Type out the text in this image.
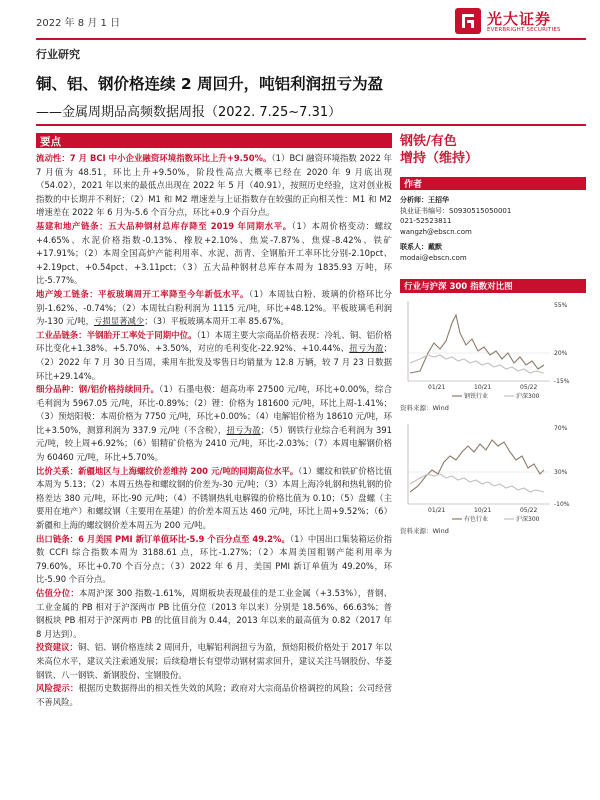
2022 年 8 月 1 日	光大证券
EVERBRIGHT SECURITIES
行业研究
铜、铝、钢价格连续 2 周回升，吨铝利润扭亏为盈
——金属周期品高频数据周报（2022. 7.25~7.31）
要点

流动性：7 月 BCI 中小企业融资环境指数环比上升+9.50%。（1）BCI 融资环境指数 2022 年 7 月值为 48.51，环比上升+9.50%，阶段性高点大概率已经在 2020 年 9 月底出现（54.02），2021 年以来的最低点出现在 2022 年 5 月（40.91），按照历史经验，这对创业板指数的中长期并不利好；（2）M1 和 M2 增速差与上证指数存在较强的正向相关性：M1 和 M2 增速差在 2022 年 6 月为-5.6 个百分点，环比+0.9 个百分点。

基建和地产链条：五大品种钢材总库存降至 2019 年同期水平。（1）本周价格变动：螺纹+4.65%、水泥价格指数-0.13%、橡胶+2.10%、焦炭-7.87%、焦煤-8.42%、铁矿+17.91%；（2）本周全国高炉产能利用率、水泥、沥青、全钢胎开工率环比分别-2.10pct、+2.19pct、+0.54pct、+3.11pct；（3）五大品种钢材总库存本周为 1835.93 万吨，环比-5.77%。

地产竣工链条：平板玻璃周开工率降至今年新低水平。（1）本周钛白粉、玻璃的价格环比分别-1.62%、-0.74%；（2）本周钛白粉利润为 1115 元/吨，环比+48.12%。平板玻璃毛利润为-130 元/吨，亏损显著减少；（3）平板玻璃本周开工率 85.67%。

工业品链条：半钢胎开工率处于同期中位。（1）本周主要大宗商品价格表现：冷轧、铜、铝价格环比变化+1.38%、+5.70%、+3.50%，对应的毛利变化-22.92%、+10.44%、扭亏为盈；（2）2022 年 7 月 30 日当周，乘用车批发及零售日均销量为 12.8 万辆，较 7 月 23 日数据环比+29.14%。

细分品种：钢/铝价格持续回升。（1）石墨电极：超高功率 27500 元/吨，环比+0.00%，综合毛利润为 5967.05 元/吨，环比-0.89%；（2）锂：价格为 181600 元/吨，环比上周-1.41%；（3）预焙阳极：本周价格为 7750 元/吨，环比+0.00%；（4）电解铝价格为 18610 元/吨，环比+3.50%，测算利润为 337.9 元/吨（不含税），扭亏为盈；（5）钢铁行业综合毛利润为 391 元/吨，较上周+6.92%；（6）钼精矿价格为 2410 元/吨，环比-2.03%；（7）本周电解钢价格为 60460 元/吨，环比+5.70%。

比价关系：新疆地区与上海螺纹价差维持 200 元/吨的同期高位水平。（1）螺纹和铁矿价格比值本周为 5.13；（2）本周五热卷和螺纹钢的价差为-30 元/吨；（3）本周上海冷轧钢和热轧钢的价格差达 380 元/吨，环比-90 元/吨；（4）不锈钢热轧电解镍的价格比值为 0.10；（5）盘螺（主要用在地产）和螺纹钢（主要用在基建）的价差本周五达 460 元/吨，环比上周+9.52%；（6）新疆和上海的螺纹钢价差本周五为 200 元/吨。

出口链条：6 月美国 PMI 新订单值环比-5.9 个百分点至 49.2%。（1）中国出口集装箱运价指数 CCFI 综合指数本周为 3188.61 点，环比-1.27%；（2）本周美国粗钢产能利用率为 79.60%，环比+0.70 个百分点；（3）2022 年 6 月，美国 PMI 新订单值为 49.20%，环比-5.90 个百分点。

估值分位：本周沪深 300 指数-1.61%，周期板块表现最佳的是工业金属（+3.53%），普钢、工业金属的 PB 相对于沪深两市 PB 比值分位（2013 年以来）分别是 18.56%、66.63%；普钢板块 PB 相对于沪深两市 PB 的比值目前为 0.44，2013 年以来的最高值为 0.82（2017 年 8 月达到）。

投资建议：铜、铝、钢价格连续 2 周回升，电解铝利润扭亏为盈，预焙阳极价格处于 2017 年以来高位水平，建议关注索通发展；后续稳增长有望带动钢材需求回升，建议关注马钢股份、华菱钢铁、八一钢铁、新钢股份、宝钢股份。

风险提示：根据历史数据得出的相关性失效的风险；政府对大宗商品价格调控的风险；公司经营不善风险。

钢铁/有色
增持（维持）
作者
分析师：王招华
执业证书编号：S0930515050001
021-52523811
wangzh@ebscn.com
联系人：戴默
modai@ebscn.com
行业与沪深 300 指数对比图
55%
20%
-15%
01/21	10/21	05/22
钢铁行业	沪深300
资料来源：Wind
70%
30%
-10%
01/21	10/21	05/22
有色行业	沪深300
资料来源：Wind
